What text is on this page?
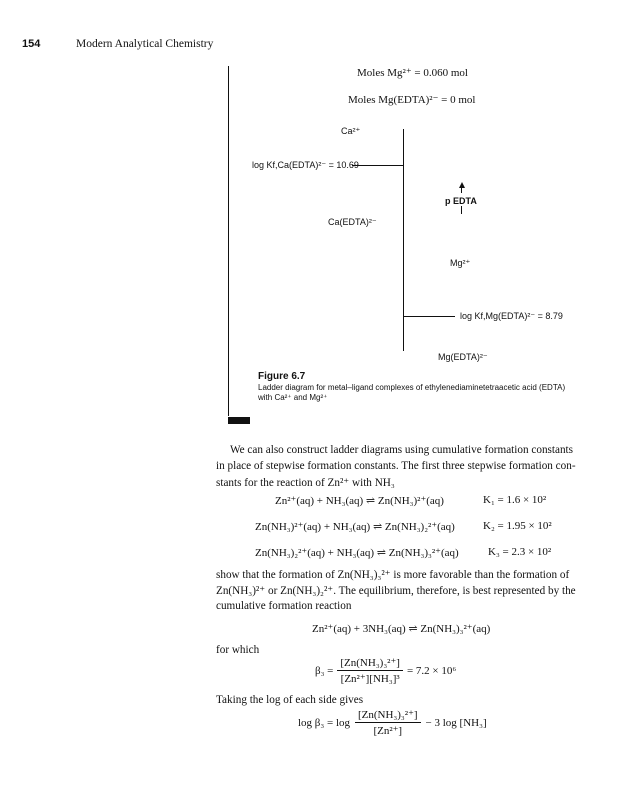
154	Modern Analytical Chemistry
Moles Mg²⁺ = 0.060 mol
Moles Mg(EDTA)²⁻ = 0 mol
Ca²⁺
log Kf,Ca(EDTA)²⁻ = 10.69
p EDTA
Ca(EDTA)²⁻
Mg²⁺
log Kf,Mg(EDTA)²⁻ = 8.79
Mg(EDTA)²⁻
Figure 6.7
Ladder diagram for metal–ligand complexes of ethylenediaminetetraacetic acid (EDTA)
with Ca²⁺ and Mg²⁺
We can also construct ladder diagrams using cumulative formation constants
in place of stepwise formation constants. The first three stepwise formation con-
stants for the reaction of Zn²⁺ with NH₃
Zn²⁺(aq) + NH₃(aq) ⇌ Zn(NH₃)²⁺(aq)	K₁ = 1.6 × 10²
Zn(NH₃)²⁺(aq) + NH₃(aq) ⇌ Zn(NH₃)₂²⁺(aq)	K₂ = 1.95 × 10²
Zn(NH₃)₂²⁺(aq) + NH₃(aq) ⇌ Zn(NH₃)₃²⁺(aq)	K₃ = 2.3 × 10²
show that the formation of Zn(NH₃)₃²⁺ is more favorable than the formation of
Zn(NH₃)²⁺ or Zn(NH₃)₂²⁺. The equilibrium, therefore, is best represented by the
cumulative formation reaction
Zn²⁺(aq) + 3NH₃(aq) ⇌ Zn(NH₃)₃²⁺(aq)
for which
$\beta_3 = \frac{\text{[Zn(NH₃)₃²⁺]}}{\text{[Zn²⁺][NH₃]³}} = 7.2 \times 10^6$
Taking the log of each side gives
$\log \beta_3 = \log \frac{\text{[Zn(NH₃)₃²⁺]}}{\text{[Zn²⁺]}} - 3$ log [NH₃]
